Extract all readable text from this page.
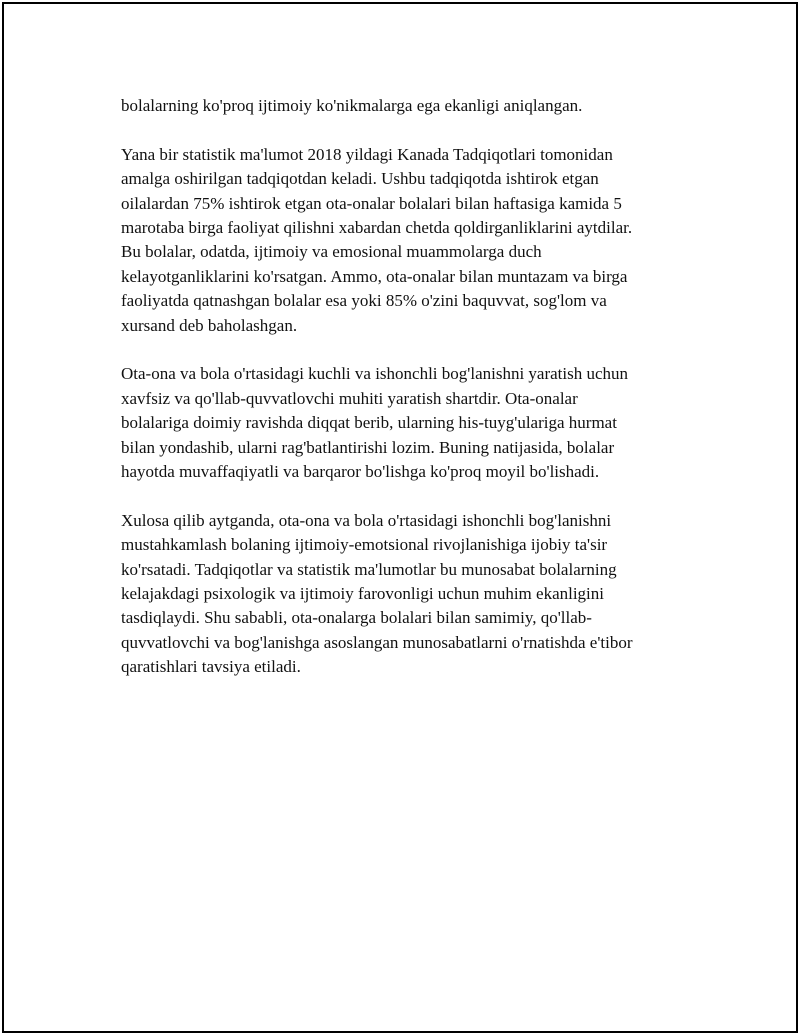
bolalarning ko'proq ijtimoiy ko'nikmalarga ega ekanligi aniqlangan.

Yana bir statistik ma'lumot 2018 yildagi Kanada Tadqiqotlari tomonidan
amalga oshirilgan tadqiqotdan keladi. Ushbu tadqiqotda ishtirok etgan
oilalardan 75% ishtirok etgan ota-onalar bolalari bilan haftasiga kamida 5
marotaba birga faoliyat qilishni xabardan chetda qoldirganliklarini aytdilar.
Bu bolalar, odatda, ijtimoiy va emosional muammolarga duch
kelayotganliklarini ko'rsatgan. Ammo, ota-onalar bilan muntazam va birga
faoliyatda qatnashgan bolalar esa yoki 85% o'zini baquvvat, sog'lom va
xursand deb baholashgan.

Ota-ona va bola o'rtasidagi kuchli va ishonchli bog'lanishni yaratish uchun
xavfsiz va qo'llab-quvvatlovchi muhiti yaratish shartdir. Ota-onalar
bolalariga doimiy ravishda diqqat berib, ularning his-tuyg'ulariga hurmat
bilan yondashib, ularni rag'batlantirishi lozim. Buning natijasida, bolalar
hayotda muvaffaqiyatli va barqaror bo'lishga ko'proq moyil bo'lishadi.

Xulosa qilib aytganda, ota-ona va bola o'rtasidagi ishonchli bog'lanishni
mustahkamlash bolaning ijtimoiy-emotsional rivojlanishiga ijobiy ta'sir
ko'rsatadi. Tadqiqotlar va statistik ma'lumotlar bu munosabat bolalarning
kelajakdagi psixologik va ijtimoiy farovonligi uchun muhim ekanligini
tasdiqlaydi. Shu sababli, ota-onalarga bolalari bilan samimiy, qo'llab-
quvvatlovchi va bog'lanishga asoslangan munosabatlarni o'rnatishda e'tibor
qaratishlari tavsiya etiladi.
